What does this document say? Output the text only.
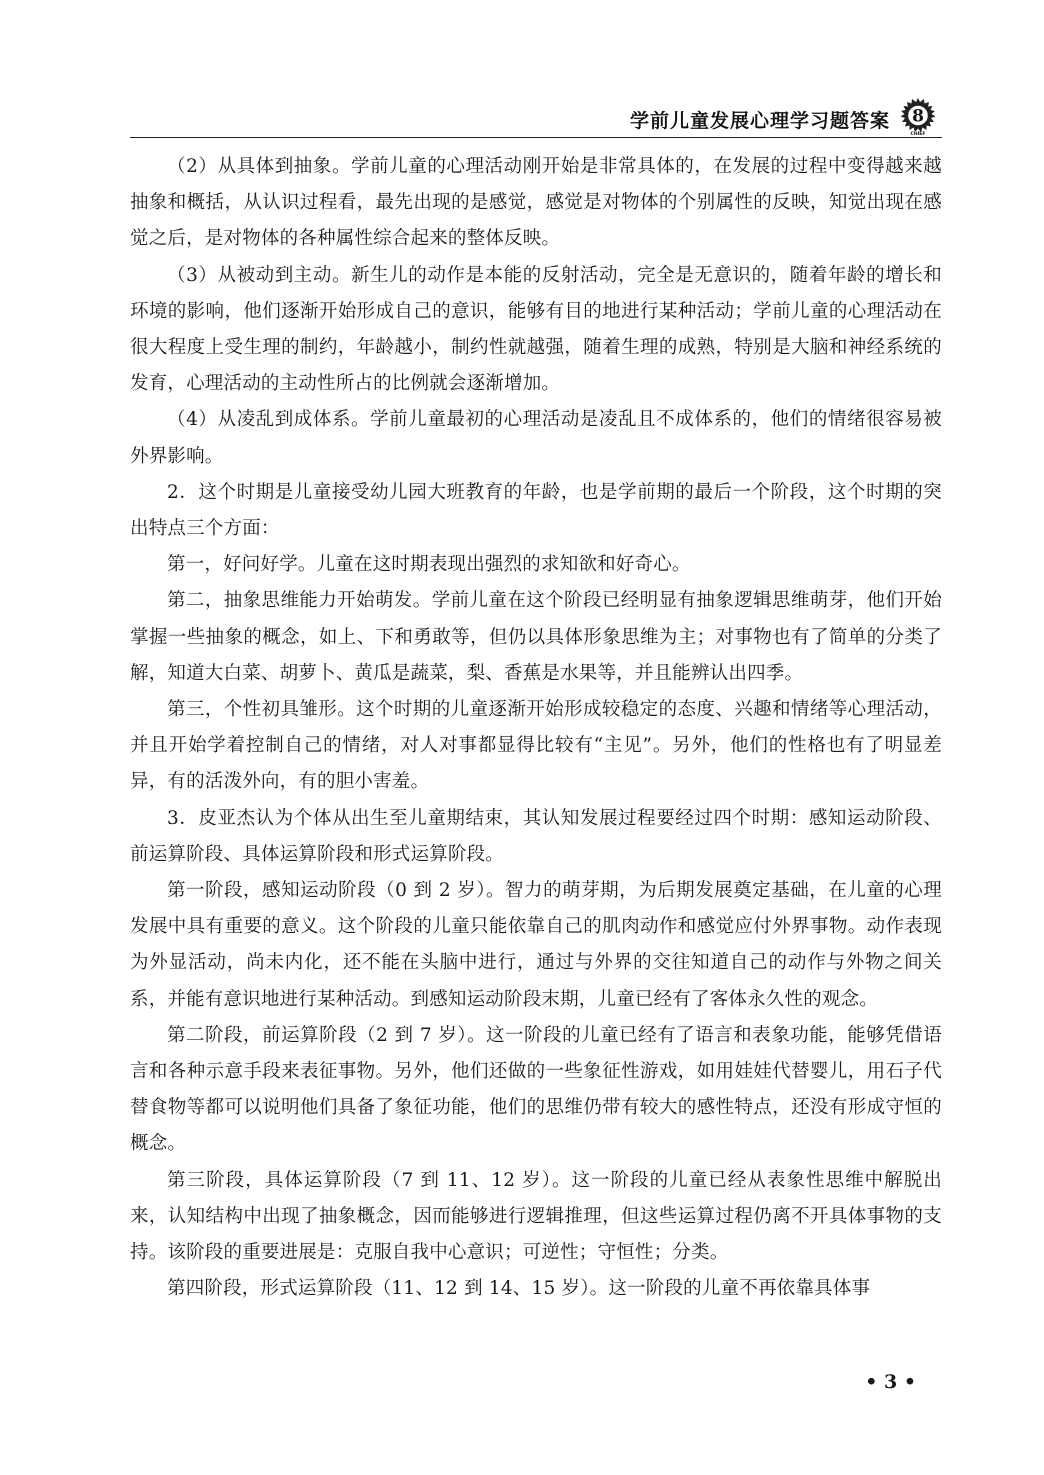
学前儿童发展心理学习题答案 8
CHIEF

（2）从具体到抽象。学前儿童的心理活动刚开始是非常具体的，在发展的过程中变得越来越抽象和概括，从认识过程看，最先出现的是感觉，感觉是对物体的个别属性的反映，知觉出现在感觉之后，是对物体的各种属性综合起来的整体反映。

（3）从被动到主动。新生儿的动作是本能的反射活动，完全是无意识的，随着年龄的增长和环境的影响，他们逐渐开始形成自己的意识，能够有目的地进行某种活动；学前儿童的心理活动在很大程度上受生理的制约，年龄越小，制约性就越强，随着生理的成熟，特别是大脑和神经系统的发育，心理活动的主动性所占的比例就会逐渐增加。

（4）从凌乱到成体系。学前儿童最初的心理活动是凌乱且不成体系的，他们的情绪很容易被外界影响。

2．这个时期是儿童接受幼儿园大班教育的年龄，也是学前期的最后一个阶段，这个时期的突出特点三个方面：

第一，好问好学。儿童在这时期表现出强烈的求知欲和好奇心。

第二，抽象思维能力开始萌发。学前儿童在这个阶段已经明显有抽象逻辑思维萌芽，他们开始掌握一些抽象的概念，如上、下和勇敢等，但仍以具体形象思维为主；对事物也有了简单的分类了解，知道大白菜、胡萝卜、黄瓜是蔬菜，梨、香蕉是水果等，并且能辨认出四季。

第三，个性初具雏形。这个时期的儿童逐渐开始形成较稳定的态度、兴趣和情绪等心理活动，并且开始学着控制自己的情绪，对人对事都显得比较有“主见”。另外，他们的性格也有了明显差异，有的活泼外向，有的胆小害羞。

3．皮亚杰认为个体从出生至儿童期结束，其认知发展过程要经过四个时期：感知运动阶段、前运算阶段、具体运算阶段和形式运算阶段。

第一阶段，感知运动阶段（0 到 2 岁）。智力的萌芽期，为后期发展奠定基础，在儿童的心理发展中具有重要的意义。这个阶段的儿童只能依靠自己的肌肉动作和感觉应付外界事物。动作表现为外显活动，尚未内化，还不能在头脑中进行，通过与外界的交往知道自己的动作与外物之间关系，并能有意识地进行某种活动。到感知运动阶段末期，儿童已经有了客体永久性的观念。

第二阶段，前运算阶段（2 到 7 岁）。这一阶段的儿童已经有了语言和表象功能，能够凭借语言和各种示意手段来表征事物。另外，他们还做的一些象征性游戏，如用娃娃代替婴儿，用石子代替食物等都可以说明他们具备了象征功能，他们的思维仍带有较大的感性特点，还没有形成守恒的概念。

第三阶段，具体运算阶段（7 到 11、12 岁）。这一阶段的儿童已经从表象性思维中解脱出来，认知结构中出现了抽象概念，因而能够进行逻辑推理，但这些运算过程仍离不开具体事物的支持。该阶段的重要进展是：克服自我中心意识；可逆性；守恒性；分类。

第四阶段，形式运算阶段（11、12 到 14、15 岁）。这一阶段的儿童不再依靠具体事

• 3 •
